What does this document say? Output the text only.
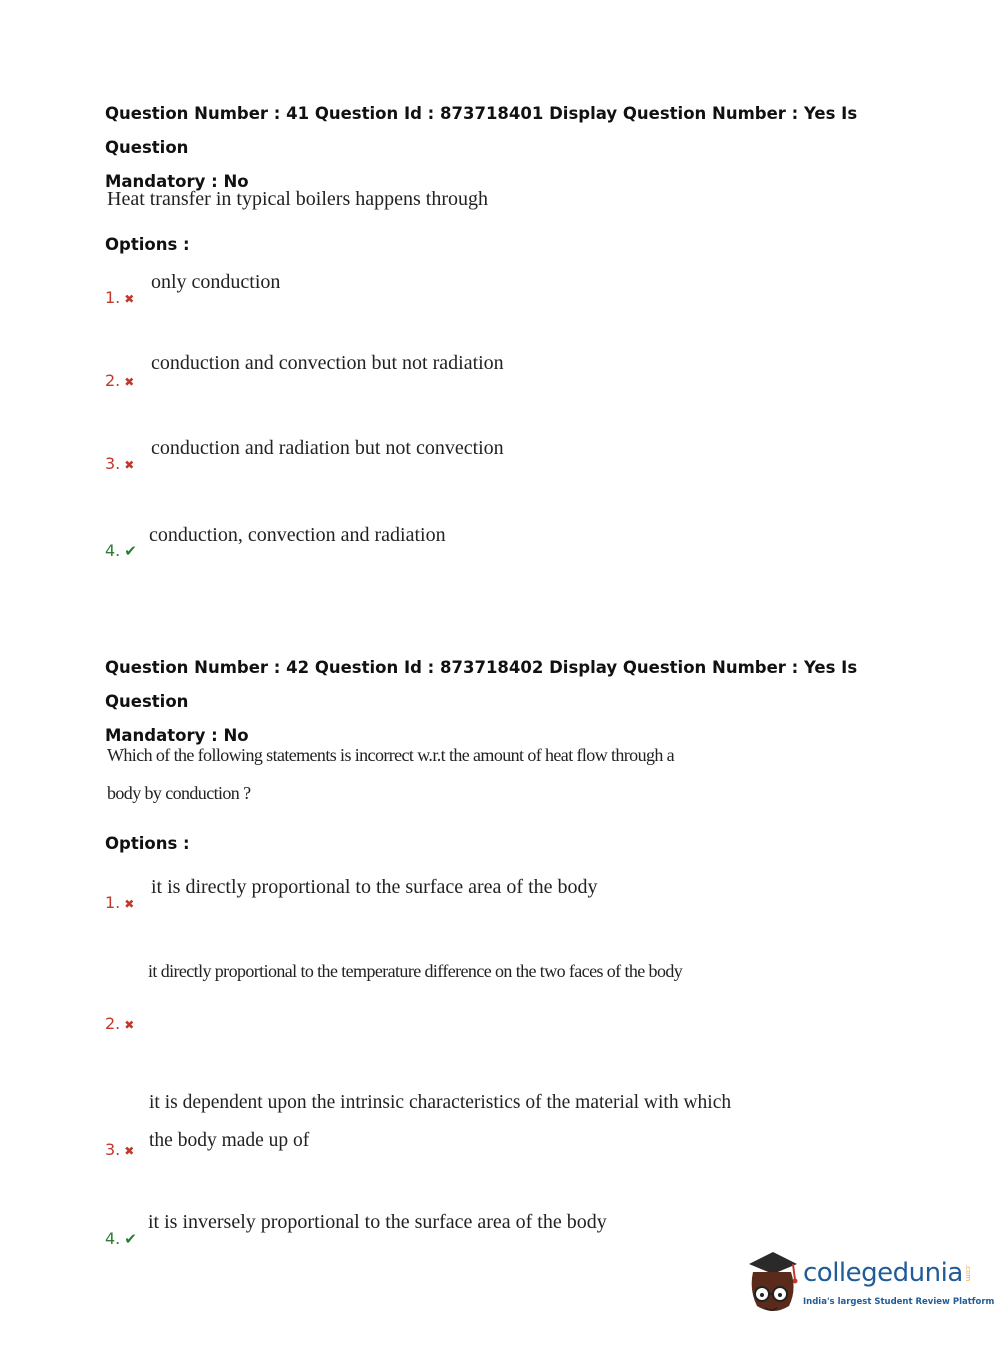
Question Number : 41 Question Id : 873718401 Display Question Number : Yes Is Question
Mandatory : No
Heat transfer in typical boilers happens through
Options :
1. ✖
only conduction
2. ✖
conduction and convection but not radiation
3. ✖
conduction and radiation but not convection
4. ✔
conduction, convection and radiation
Question Number : 42 Question Id : 873718402 Display Question Number : Yes Is Question
Mandatory : No
Which of the following statements is incorrect w.r.t the amount of heat flow through a
body by conduction ?
Options :
1. ✖
it is directly proportional to the surface area of the body
2. ✖
it directly proportional to the temperature difference on the two faces of the body
3. ✖
it is dependent upon the intrinsic characteristics of the material with which
the body made up of
4. ✔
it is inversely proportional to the surface area of the body
collegedunia .com
India's largest Student Review Platform
